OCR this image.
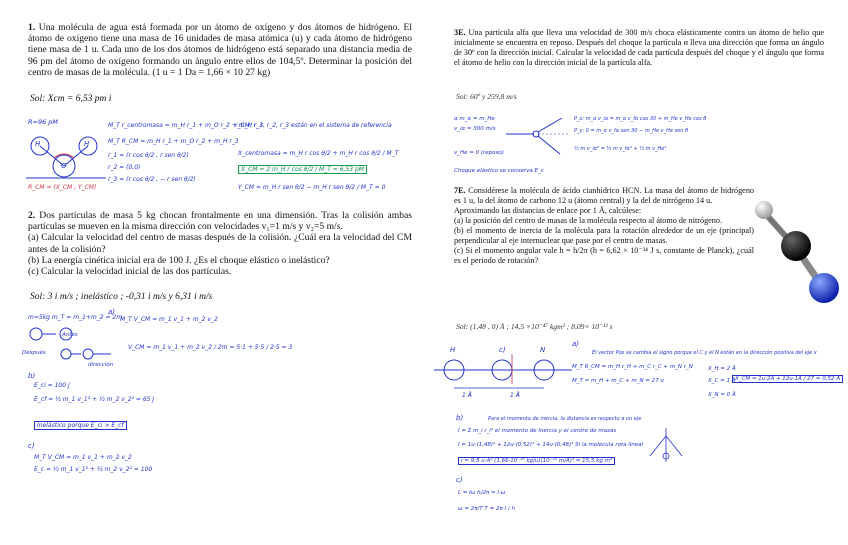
1. Una molécula de agua está formada por un átomo de oxígeno y dos átomos de hidrógeno. El átomo de oxígeno tiene una masa de 16 unidades de masa atómica (u) y cada átomo de hidrógeno tiene masa de 1 u. Cada uno de los dos átomos de hidrógeno está separado una distancia media de 96 pm del átomo de oxígeno formando un ángulo entre ellos de 104,5º. Determinar la posición del centro de masas de la molécula. (1 u = 1 Da = 1,66 × 10 27 kg)
Sol: Xcm = 6,53 pm i
R=96 pM
H
O
H
R_CM = (X_CM , Y_CM)
M_T r_centromasa = m_H r_1 + m_O r_2 + m_H r_3
r_CM, r_1, r_2, r_3 están en el sistema de referencia
M_T R_CM = m_H r_1 + m_O r_2 + m_H r_3
r_1 = (r cos θ/2 , r sen θ/2)
r_2 = (0,0)
r_3 = (r cos θ/2 , − r sen θ/2)
X_centromasa = m_H r cos θ/2 + m_H r cos θ/2 / M_T
X_CM = 2 m_H r cos θ/2 / M_T = 6,53 pM
Y_CM = m_H r sen θ/2 − m_H r sen θ/2 / M_T = 0
2. Dos partículas de masa 5 kg chocan frontalmente en una dimensión. Tras la colisión ambas partículas se mueven en la misma dirección con velocidades v₁=1 m/s y v₂=5 m/s.
(a) Calcular la velocidad del centro de masas después de la colisión. ¿Cuál era la velocidad del CM antes de la colisión?
(b) La energía cinética inicial era de 100 J. ¿Es el choque elástico o inelástico?
(c) Calcular la velocidad inicial de las dos partículas.
Sol: 3 i m/s ; inelástico ; -0,31 i m/s y 6,31 i m/s
m=5kg m_T = m_1+m_2 = 2m
a)
M_T V_CM = m_1 v_1 + m_2 v_2
Antes
Después
dirección
V_CM = m_1 v_1 + m_2 v_2 / 2m = 5·1 + 5·5 / 2·5 = 3
b)
E_ci = 100 J
E_cf = ½ m_1 v_1² + ½ m_2 v_2² = 65 J
Inelástico porque E_ci > E_cf
c)
M_T V_CM = m_1 v_1 + m_2 v_2
E_c = ½ m_1 v_1² + ½ m_2 v_2² = 100
3E. Una partícula alfa que lleva una velocidad de 300 m/s choca elásticamente contra un átomo de helio que inicialmente se encuentra en reposo. Después del choque la partícula α lleva una dirección que forma un ángulo de 30º con la dirección inicial. Calcular la velocidad de cada partícula después del choque y el ángulo que forma el átomo de helio con la dirección inicial de la partícula alfa.
Sol: 60º y 259,8 m/s
α m_α = m_He
v_iα = 300 m/s
v_He = 0 (reposo)
Choque elástico se conserva E_c
P_x: m_α v_iα = m_α v_fα cos 30 + m_He v_He cos θ
P_y: 0 = m_α v_fα sen 30 − m_He v_He sen θ
½ m v_iα² = ½ m v_fα² + ½ m v_He²
7E. Considérese la molécula de ácido cianhídrico HCN. La masa del átomo de hidrógeno es 1 u, la del átomo de carbono 12 u (átomo central) y la del de nitrógeno 14 u.
Aproximando las distancias de enlace por 1 Å, calcúlese:
(a) la posición del centro de masas de la molécula respecto al átomo de nitrógeno.
(b) el momento de inercia de la molécula para la rotación alrededor de un eje (principal) perpendicular al eje internuclear que pase por el centro de masas.
(c) Si el momento angular vale h = h/2π (h = 6,62 × 10⁻³⁴ J s, constante de Planck), ¿cuál es el periodo de rotación?
Sol: (1,48 , 0) Å ; 14,5 ×10⁻⁴⁷ kgm² ; 8,09× 10⁻¹² s
H	c)	N
1 Å	1 Å
a)
El vector Pos se cambia el signo porque el C y el N están en la dirección positiva del eje x
M_T R_CM = m_H r_H + m_C r_C + m_N r_N
M_T = m_H + m_C + m_N = 27 u
X_H = 2 Å
X_C = 1 Å
X_N = 0 Å
X_CM = 1u·2Å + 12u·1Å / 27 = 0,52 Å
b)	Para el momento de inercia, la distancia es respecto a un eje
I = Σ m_i r_i² el momento de inercia y el centro de masas
I = 1u·(1,48)² + 12u·(0,52)² + 14u·(0,48)² Si la molécula rota lineal
I = 9,5 u·Å² (1,66·10⁻²⁷ kg/u)(10⁻¹⁰ m/Å)² = 15,5 kg m²
c)
L = Iω h/2π = I·ω
ω = 2π/T T = 2π I / h
